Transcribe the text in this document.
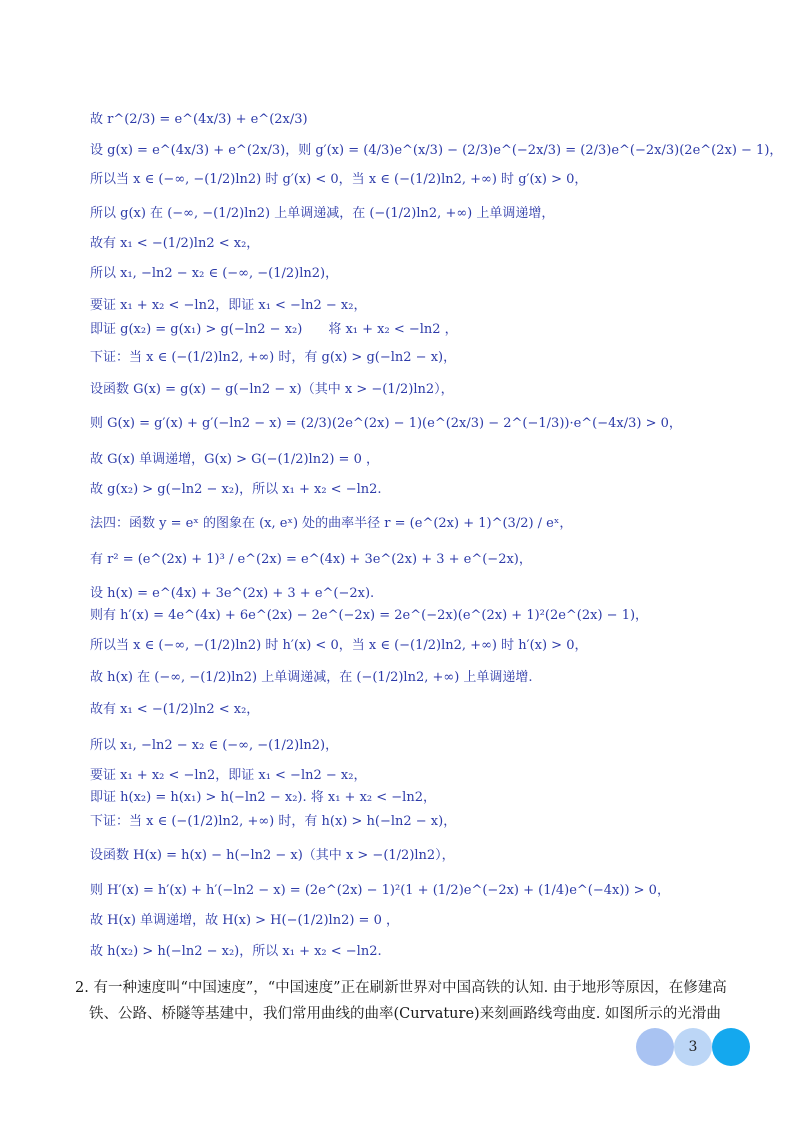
故 r^(2/3) = e^(4x/3) + e^(2x/3)
设 g(x) = e^(4x/3) + e^(2x/3)，则 g′(x) = (4/3)e^(x/3) − (2/3)e^(−2x/3) = (2/3)e^(−2x/3)(2e^(2x) − 1)，
所以当 x ∈ (−∞, −(1/2)ln2) 时 g′(x) < 0，当 x ∈ (−(1/2)ln2, +∞) 时 g′(x) > 0，
所以 g(x) 在 (−∞, −(1/2)ln2) 上单调递减，在 (−(1/2)ln2, +∞) 上单调递增，
故有 x₁ < −(1/2)ln2 < x₂，
所以 x₁, −ln2 − x₂ ∈ (−∞, −(1/2)ln2)，
要证 x₁ + x₂ < −ln2，即证 x₁ < −ln2 − x₂，
即证 g(x₂) = g(x₁) > g(−ln2 − x₂)　　将 x₁ + x₂ < −ln2 ，
下证：当 x ∈ (−(1/2)ln2, +∞) 时，有 g(x) > g(−ln2 − x)，
设函数 G(x) = g(x) − g(−ln2 − x)（其中 x > −(1/2)ln2），
则 G(x) = g′(x) + g′(−ln2 − x) = (2/3)(2e^(2x) − 1)(e^(2x/3) − 2^(−1/3))·e^(−4x/3) > 0，
故 G(x) 单调递增，G(x) > G(−(1/2)ln2) = 0 ，
故 g(x₂) > g(−ln2 − x₂)，所以 x₁ + x₂ < −ln2.
法四：函数 y = eˣ 的图象在 (x, eˣ) 处的曲率半径 r = (e^(2x) + 1)^(3/2) / eˣ，
有 r² = (e^(2x) + 1)³ / e^(2x) = e^(4x) + 3e^(2x) + 3 + e^(−2x)，
设 h(x) = e^(4x) + 3e^(2x) + 3 + e^(−2x).
则有 h′(x) = 4e^(4x) + 6e^(2x) − 2e^(−2x) = 2e^(−2x)(e^(2x) + 1)²(2e^(2x) − 1)，
所以当 x ∈ (−∞, −(1/2)ln2) 时 h′(x) < 0，当 x ∈ (−(1/2)ln2, +∞) 时 h′(x) > 0，
故 h(x) 在 (−∞, −(1/2)ln2) 上单调递减，在 (−(1/2)ln2, +∞) 上单调递增.
故有 x₁ < −(1/2)ln2 < x₂，
所以 x₁, −ln2 − x₂ ∈ (−∞, −(1/2)ln2)，
要证 x₁ + x₂ < −ln2，即证 x₁ < −ln2 − x₂，
即证 h(x₂) = h(x₁) > h(−ln2 − x₂). 将 x₁ + x₂ < −ln2，
下证：当 x ∈ (−(1/2)ln2, +∞) 时，有 h(x) > h(−ln2 − x)，
设函数 H(x) = h(x) − h(−ln2 − x)（其中 x > −(1/2)ln2），
则 H′(x) = h′(x) + h′(−ln2 − x) = (2e^(2x) − 1)²(1 + (1/2)e^(−2x) + (1/4)e^(−4x)) > 0，
故 H(x) 单调递增，故 H(x) > H(−(1/2)ln2) = 0 ，
故 h(x₂) > h(−ln2 − x₂)，所以 x₁ + x₂ < −ln2.
2. 有一种速度叫“中国速度”，“中国速度”正在刷新世界对中国高铁的认知. 由于地形等原因，在修建高
铁、公路、桥隧等基建中，我们常用曲线的曲率(Curvature)来刻画路线弯曲度. 如图所示的光滑曲
3
